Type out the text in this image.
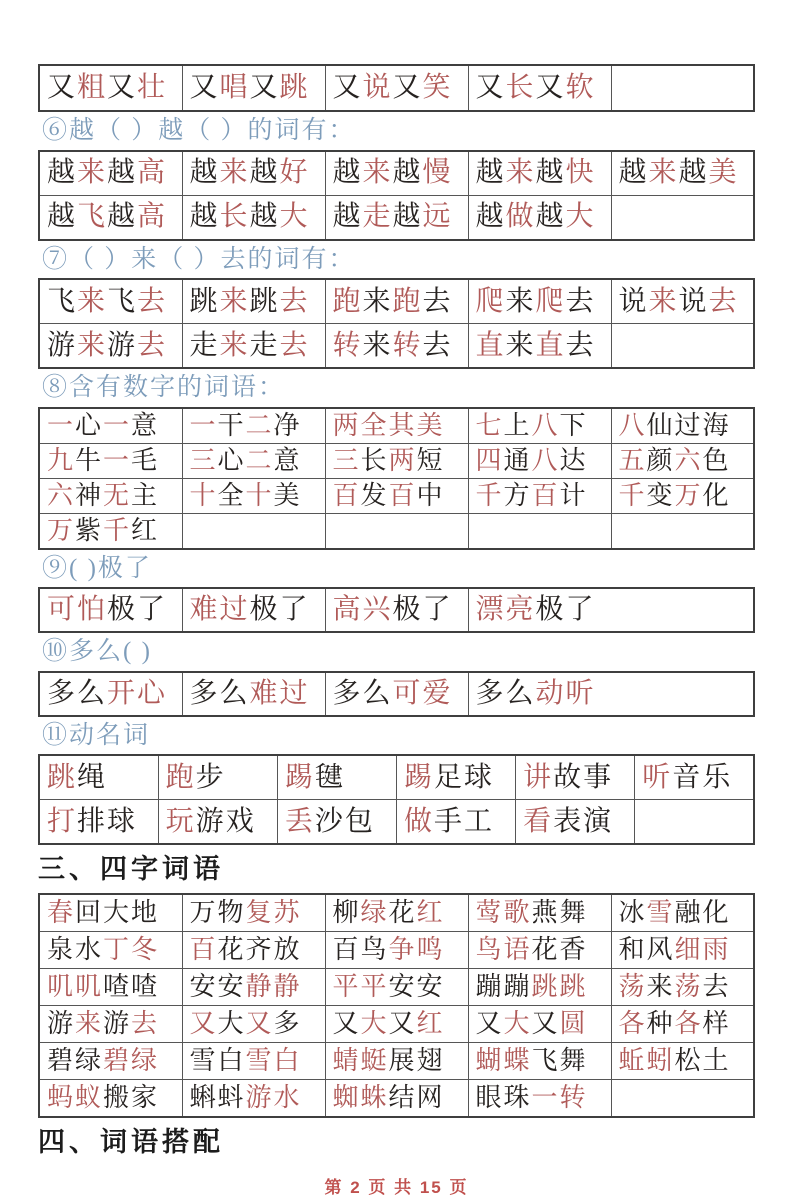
又粗又壮	又唱又跳	又说又笑	又长又软	
⑥越（ ）越（ ）的词有：
越来越高	越来越好	越来越慢	越来越快	越来越美
越飞越高	越长越大	越走越远	越做越大	
⑦（ ）来（ ）去的词有：
飞来飞去	跳来跳去	跑来跑去	爬来爬去	说来说去
游来游去	走来走去	转来转去	直来直去	
⑧含有数字的词语：
一心一意	一干二净	两全其美	七上八下	八仙过海
九牛一毛	三心二意	三长两短	四通八达	五颜六色
六神无主	十全十美	百发百中	千方百计	千变万化
万紫千红				
⑨( )极了
可怕极了	难过极了	高兴极了	漂亮极了
⑩多么( )
多么开心	多么难过	多么可爱	多么动听
⑪动名词
跳绳	跑步	踢毽	踢足球	讲故事	听音乐
打排球	玩游戏	丢沙包	做手工	看表演	
三、四字词语
春回大地	万物复苏	柳绿花红	莺歌燕舞	冰雪融化
泉水丁冬	百花齐放	百鸟争鸣	鸟语花香	和风细雨
叽叽喳喳	安安静静	平平安安	蹦蹦跳跳	荡来荡去
游来游去	又大又多	又大又红	又大又圆	各种各样
碧绿碧绿	雪白雪白	蜻蜓展翅	蝴蝶飞舞	蚯蚓松土
蚂蚁搬家	蝌蚪游水	蜘蛛结网	眼珠一转	
四、词语搭配
第 2 页 共 15 页
